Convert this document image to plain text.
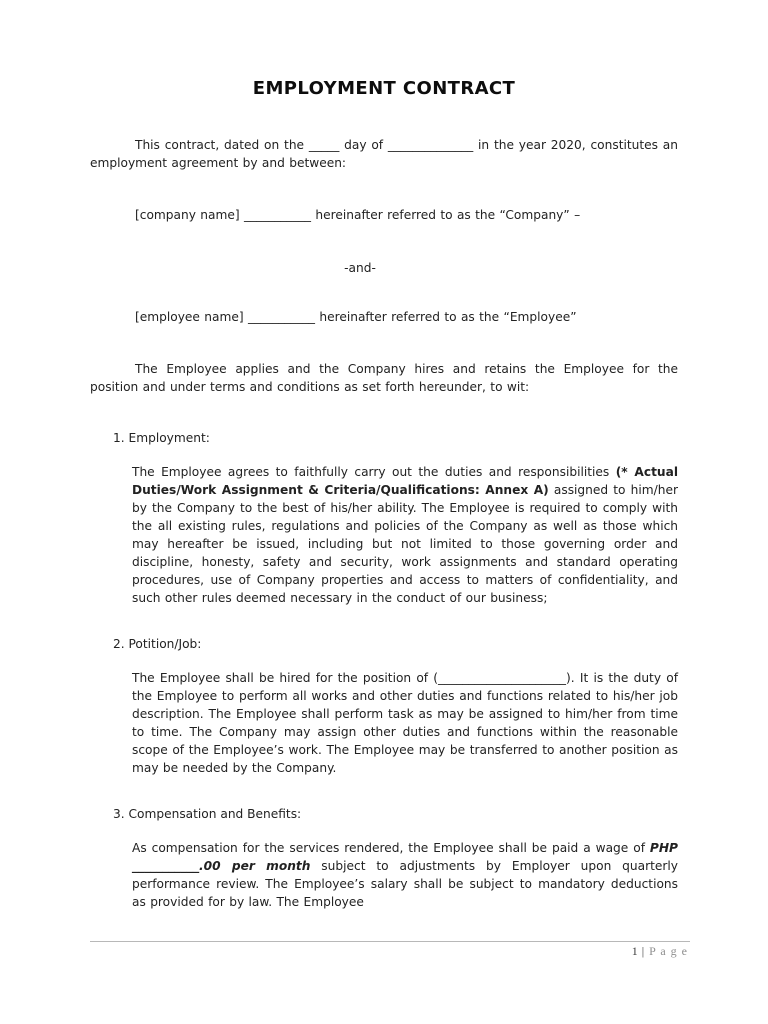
EMPLOYMENT CONTRACT

This contract, dated on the _____ day of ______________ in the year 2020, constitutes an employment agreement by and between:

[company name] ___________ hereinafter referred to as the “Company” –

-and-

[employee name] ___________ hereinafter referred to as the “Employee”

The Employee applies and the Company hires and retains the Employee for the position and under terms and conditions as set forth hereunder, to wit:

1. Employment:

The Employee agrees to faithfully carry out the duties and responsibilities (* Actual Duties/Work Assignment & Criteria/Qualifications: Annex A) assigned to him/her by the Company to the best of his/her ability. The Employee is required to comply with the all existing rules, regulations and policies of the Company as well as those which may hereafter be issued, including but not limited to those governing order and discipline, honesty, safety and security, work assignments and standard operating procedures, use of Company properties and access to matters of confidentiality, and such other rules deemed necessary in the conduct of our business;

2. Potition/Job:

The Employee shall be hired for the position of (_____________________). It is the duty of the Employee to perform all works and other duties and functions related to his/her job description. The Employee shall perform task as may be assigned to him/her from time to time. The Company may assign other duties and functions within the reasonable scope of the Employee’s work. The Employee may be transferred to another position as may be needed by the Company.

3. Compensation and Benefits:

As compensation for the services rendered, the Employee shall be paid a wage of PHP ___________.00 per month subject to adjustments by Employer upon quarterly performance review. The Employee’s salary shall be subject to mandatory deductions as provided for by law. The Employee

1 | P a g e
